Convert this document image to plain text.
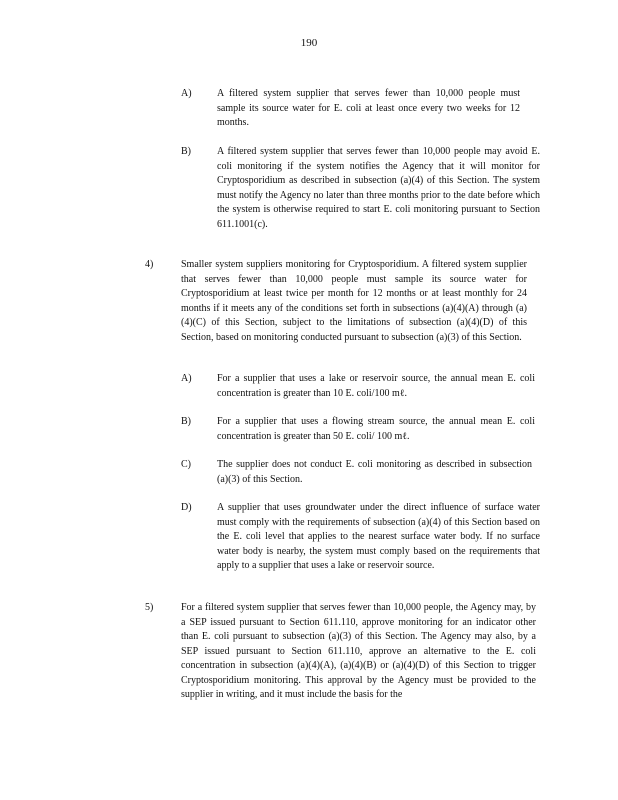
190
A)	A filtered system supplier that serves fewer than 10,000 people must sample its source water for E. coli at least once every two weeks for 12 months.
B)	A filtered system supplier that serves fewer than 10,000 people may avoid E. coli monitoring if the system notifies the Agency that it will monitor for Cryptosporidium as described in subsection (a)(4) of this Section. The system must notify the Agency no later than three months prior to the date before which the system is otherwise required to start E. coli monitoring pursuant to Section 611.1001(c).
4)	Smaller system suppliers monitoring for Cryptosporidium. A filtered system supplier that serves fewer than 10,000 people must sample its source water for Cryptosporidium at least twice per month for 12 months or at least monthly for 24 months if it meets any of the conditions set forth in subsections (a)(4)(A) through (a)(4)(C) of this Section, subject to the limitations of subsection (a)(4)(D) of this Section, based on monitoring conducted pursuant to subsection (a)(3) of this Section.
A)	For a supplier that uses a lake or reservoir source, the annual mean E. coli concentration is greater than 10 E. coli/100 mℓ.
B)	For a supplier that uses a flowing stream source, the annual mean E. coli concentration is greater than 50 E. coli/ 100 mℓ.
C)	The supplier does not conduct E. coli monitoring as described in subsection (a)(3) of this Section.
D)	A supplier that uses groundwater under the direct influence of surface water must comply with the requirements of subsection (a)(4) of this Section based on the E. coli level that applies to the nearest surface water body. If no surface water body is nearby, the system must comply based on the requirements that apply to a supplier that uses a lake or reservoir source.
5)	For a filtered system supplier that serves fewer than 10,000 people, the Agency may, by a SEP issued pursuant to Section 611.110, approve monitoring for an indicator other than E. coli pursuant to subsection (a)(3) of this Section. The Agency may also, by a SEP issued pursuant to Section 611.110, approve an alternative to the E. coli concentration in subsection (a)(4)(A), (a)(4)(B) or (a)(4)(D) of this Section to trigger Cryptosporidium monitoring. This approval by the Agency must be provided to the supplier in writing, and it must include the basis for the
